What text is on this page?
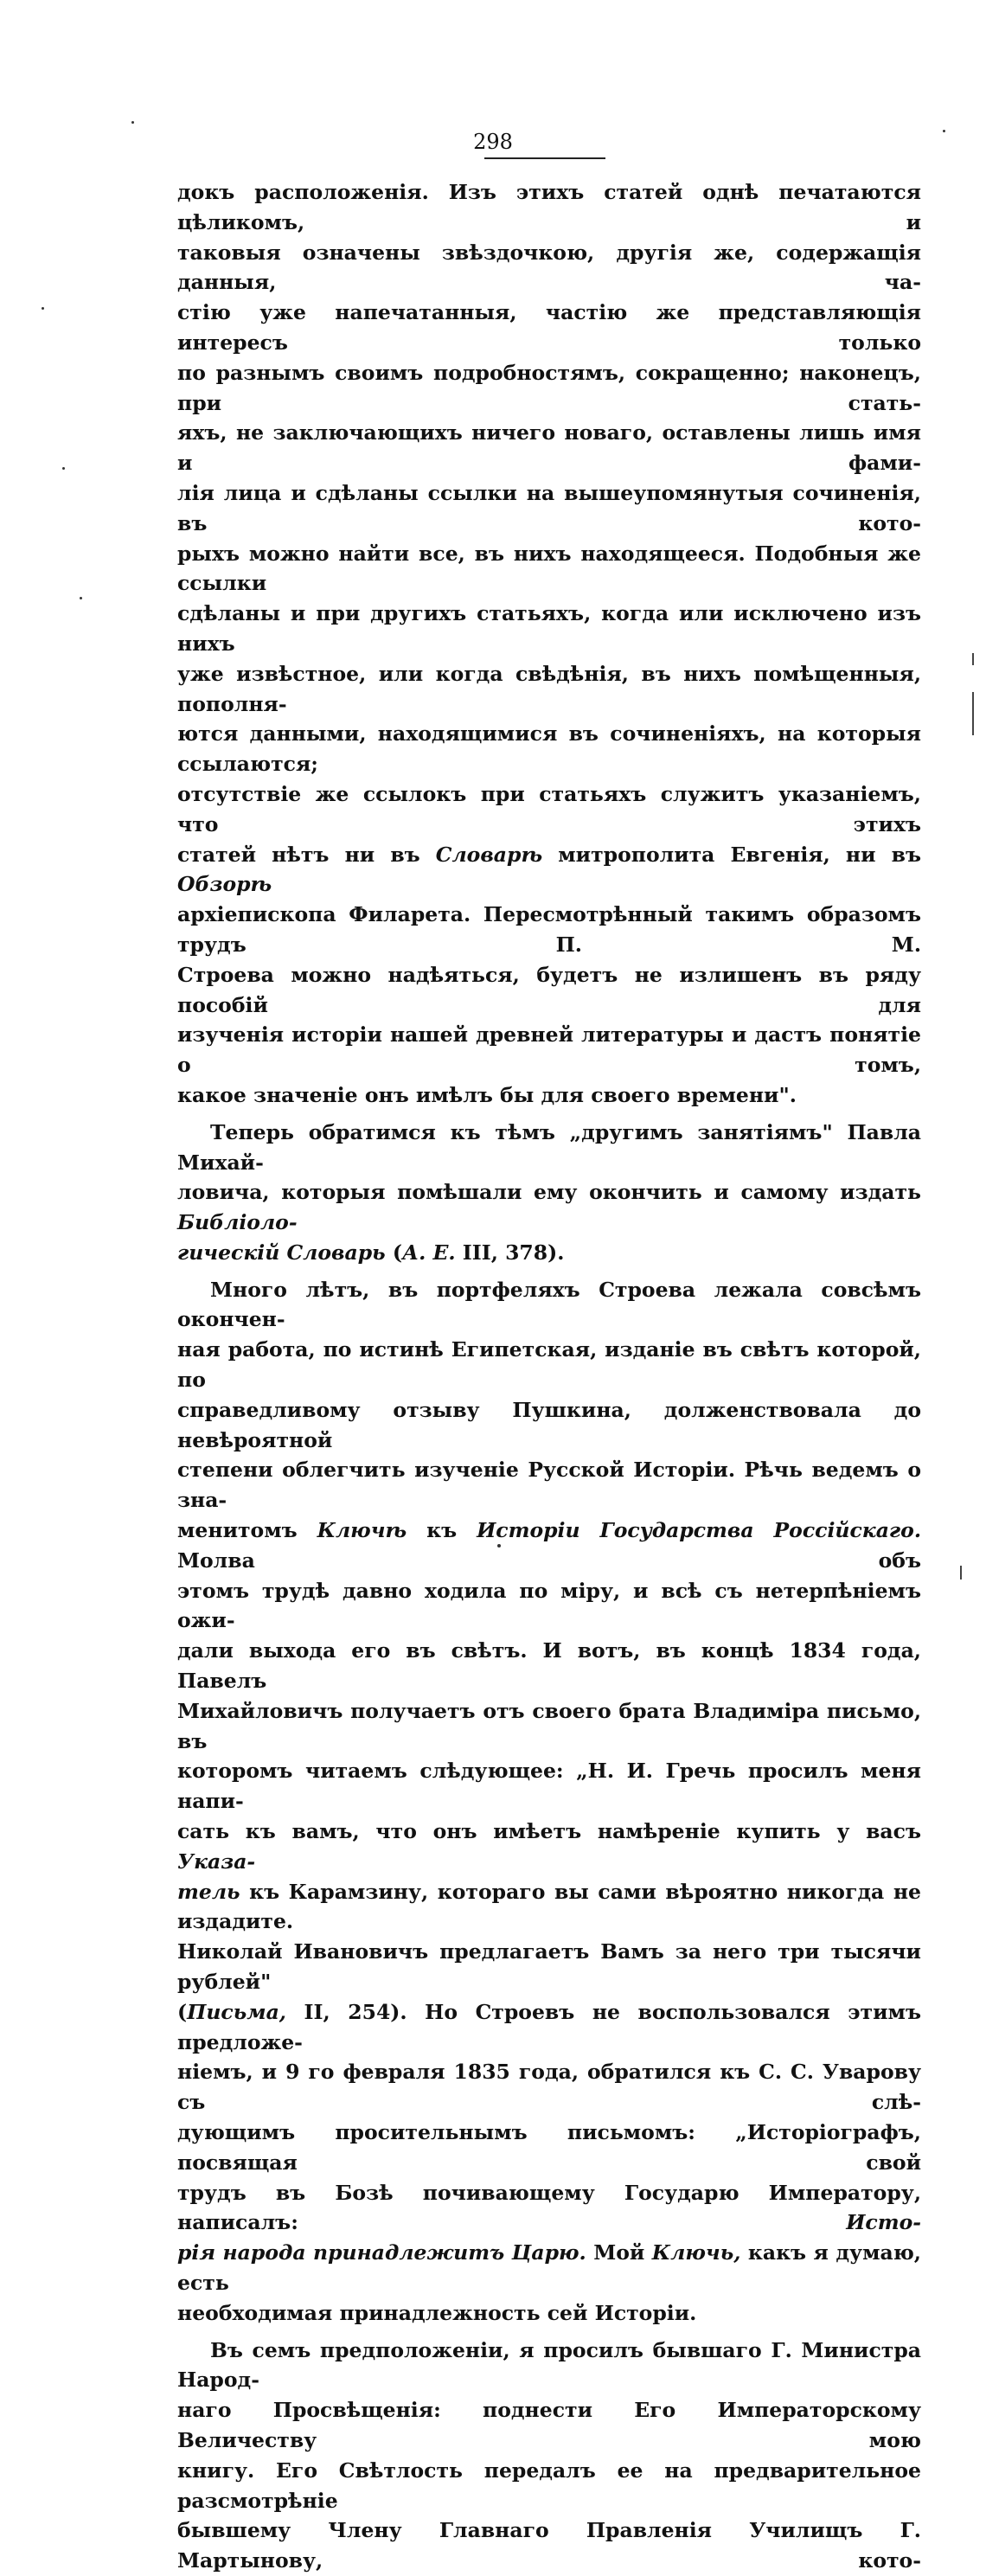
298

докъ расположенія. Изъ этихъ статей однѣ печатаются цѣликомъ, и
таковыя означены звѣздочкою, другія же, содержащія данныя, ча-
стію уже напечатанныя, частію же представляющія интересъ только
по разнымъ своимъ подробностямъ, сокращенно; наконецъ, при стать-
яхъ, не заключающихъ ничего новаго, оставлены лишь имя и фами-
лія лица и сдѣланы ссылки на вышеупомянутыя сочиненія, въ кото-
рыхъ можно найти все, въ нихъ находящееся. Подобныя же ссылки
сдѣланы и при другихъ статьяхъ, когда или исключено изъ нихъ
уже извѣстное, или когда свѣдѣнія, въ нихъ помѣщенныя, пополня-
ются данными, находящимися въ сочиненіяхъ, на которыя ссылаются;
отсутствіе же ссылокъ при статьяхъ служитъ указаніемъ, что этихъ
статей нѣтъ ни въ Словарѣ митрополита Евгенія, ни въ Обзорѣ
архіепископа Филарета. Пересмотрѣнный такимъ образомъ трудъ П. М.
Строева можно надѣяться, будетъ не излишенъ въ ряду пособій для
изученія исторіи нашей древней литературы и дастъ понятіе о томъ,
какое значеніе онъ имѣлъ бы для своего времени".

Теперь обратимся къ тѣмъ „другимъ занятіямъ" Павла Михай-
ловича, которыя помѣшали ему окончить и самому издать Библіоло-
гическій Словарь (А. Е. III, 378).

Много лѣтъ, въ портфеляхъ Строева лежала совсѣмъ окончен-
ная работа, по истинѣ Египетская, изданіе въ свѣтъ которой, по
справедливому отзыву Пушкина, долженствовала до невѣроятной
степени облегчить изученіе Русской Исторіи. Рѣчь ведемъ о зна-
менитомъ Ключѣ къ Исторіи Государства Россійскаго. Молва объ
этомъ трудѣ давно ходила по міру, и всѣ съ нетерпѣніемъ ожи-
дали выхода его въ свѣтъ. И вотъ, въ концѣ 1834 года, Павелъ
Михайловичъ получаетъ отъ своего брата Владиміра письмо, въ
которомъ читаемъ слѣдующее: „Н. И. Гречь просилъ меня напи-
сать къ вамъ, что онъ имѣетъ намѣреніе купить у васъ Указа-
тель къ Карамзину, котораго вы сами вѣроятно никогда не издадите.
Николай Ивановичъ предлагаетъ Вамъ за него три тысячи рублей"
(Письма, II, 254). Но Строевъ не воспользовался этимъ предложе-
ніемъ, и 9 го февраля 1835 года, обратился къ С. С. Уварову съ слѣ-
дующимъ просительнымъ письмомъ: „Исторіографъ, посвящая свой
трудъ въ Бозѣ почивающему Государю Императору, написалъ: Исто-
рія народа принадлежитъ Царю. Мой Ключь, какъ я думаю, есть
необходимая принадлежность сей Исторіи.

Въ семъ предположеніи, я просилъ бывшаго Г. Министра Народ-
наго Просвѣщенія: поднести Его Императорскому Величеству мою
книгу. Его Свѣтлость передалъ ее на предварительное разсмотрѣніе
бывшему Члену Главнаго Правленія Училищъ Г. Мартынову, кото-
